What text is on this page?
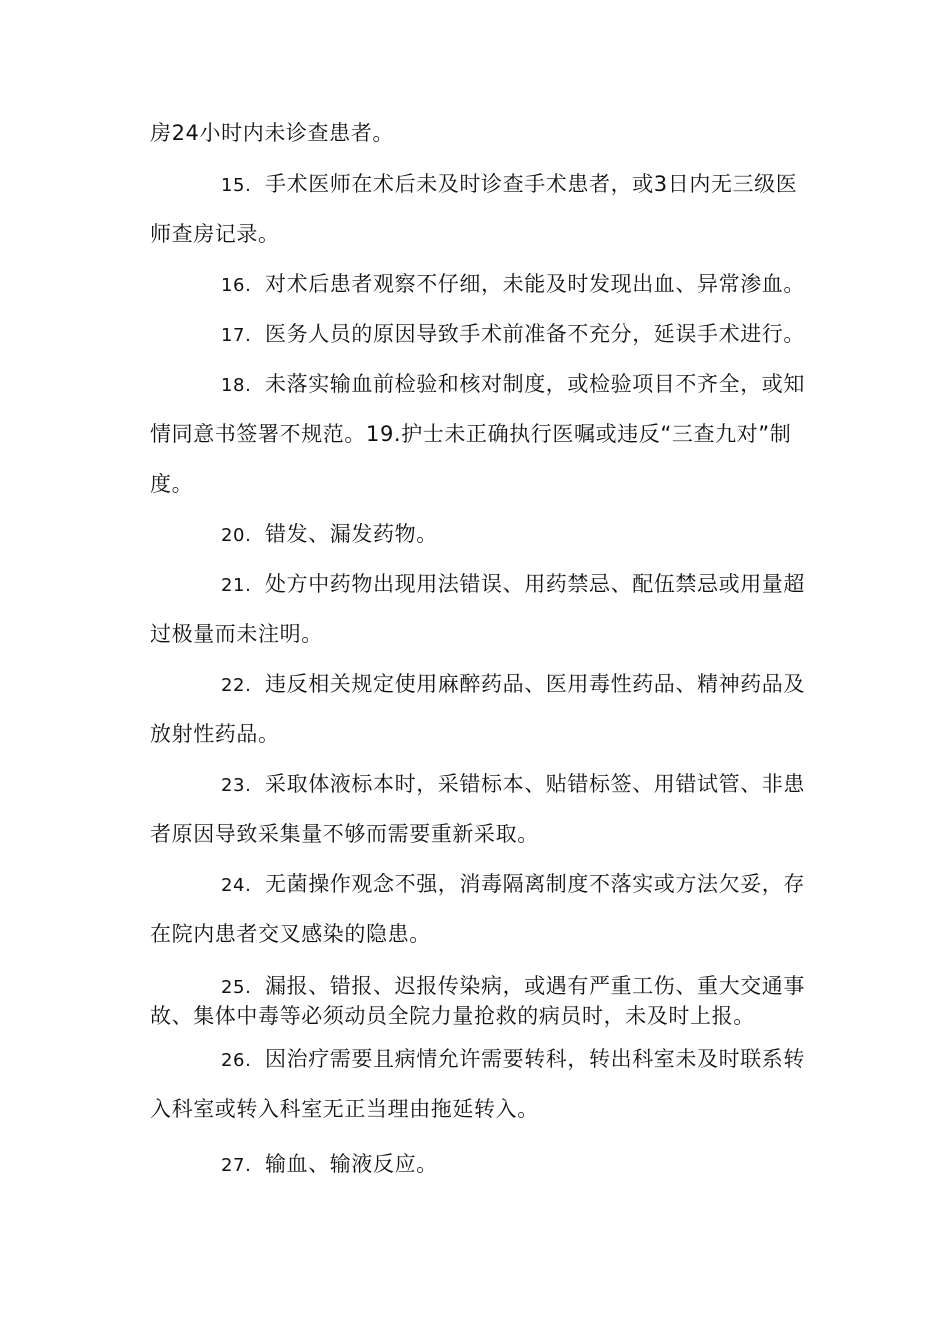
房24小时内未诊查患者。
15. 手术医师在术后未及时诊查手术患者，或3日内无三级医
师查房记录。
16. 对术后患者观察不仔细，未能及时发现出血、异常渗血。
17. 医务人员的原因导致手术前准备不充分，延误手术进行。
18. 未落实输血前检验和核对制度，或检验项目不齐全，或知
情同意书签署不规范。19.护士未正确执行医嘱或违反“三查九对”制
度。
20. 错发、漏发药物。
21. 处方中药物出现用法错误、用药禁忌、配伍禁忌或用量超
过极量而未注明。
22. 违反相关规定使用麻醉药品、医用毒性药品、精神药品及
放射性药品。
23. 采取体液标本时，采错标本、贴错标签、用错试管、非患
者原因导致采集量不够而需要重新采取。
24. 无菌操作观念不强，消毒隔离制度不落实或方法欠妥，存
在院内患者交叉感染的隐患。
25. 漏报、错报、迟报传染病，或遇有严重工伤、重大交通事
故、集体中毒等必须动员全院力量抢救的病员时，未及时上报。
26. 因治疗需要且病情允许需要转科，转出科室未及时联系转
入科室或转入科室无正当理由拖延转入。
27. 输血、输液反应。
